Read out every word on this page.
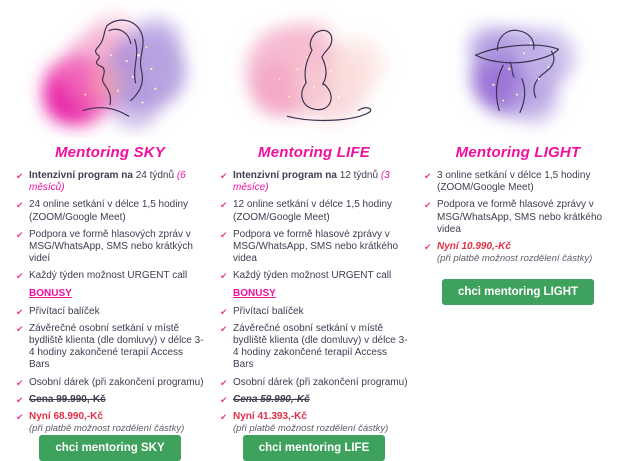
Mentoring SKY
✔ Intenzivní program na 24 týdnů (6 měsíců)
✔ 24 online setkání v délce 1,5 hodiny (ZOOM/Google Meet)
✔ Podpora ve formě hlasových zpráv v MSG/WhatsApp, SMS nebo krátkých videí
✔ Každý týden možnost URGENT call
BONUSY
✔ Přivítací balíček
✔ Závěrečné osobní setkání v místě bydliště klienta (dle domluvy) v délce 3-4 hodiny zakončené terapií Access Bars
✔ Osobní dárek (při zakončení programu)
✔ Cena 99.990,-Kč
✔ Nyní 68.990,-Kč
(při platbě možnost rozdělení částky)
chci mentoring SKY
Mentoring LIFE
✔ Intenzivní program na 12 týdnů (3 měsíce)
✔ 12 online setkání v délce 1,5 hodiny (ZOOM/Google Meet)
✔ Podpora ve formě hlasové zprávy v MSG/WhatsApp, SMS nebo krátkého videa
✔ Každý týden možnost URGENT call
BONUSY
✔ Přivítací balíček
✔ Závěrečné osobní setkání v místě bydliště klienta (dle domluvy) v délce 3-4 hodiny zakončené terapií Access Bars
✔ Osobní dárek (při zakončení programu)
✔ Cena 59.990,-Kč
✔ Nyní 41.393,-Kč
(při platbě možnost rozdělení částky)
chci mentoring LIFE
Mentoring LIGHT
✔ 3 online setkání v délce 1,5 hodiny (ZOOM/Google Meet)
✔ Podpora ve formě hlasové zprávy v MSG/WhatsApp, SMS nebo krátkého videa
✔ Nyní 10.990,-Kč
(při platbě možnost rozdělení částky)
chci mentoring LIGHT
